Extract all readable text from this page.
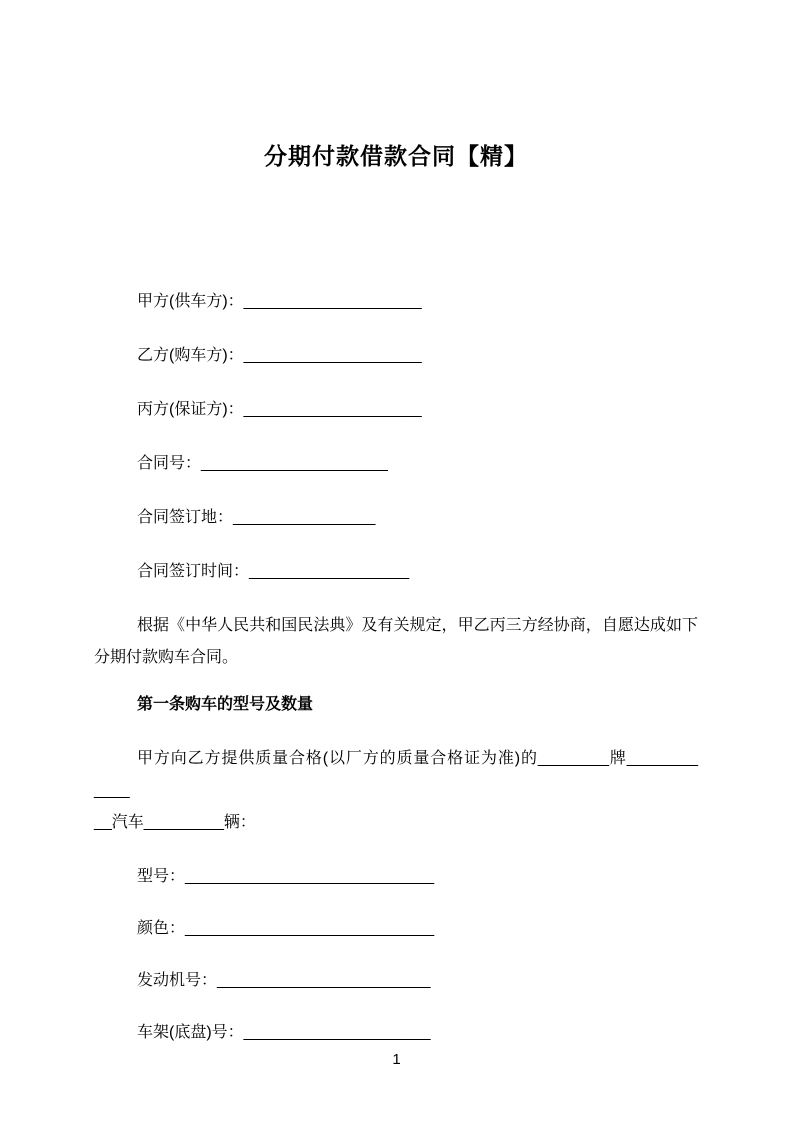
分期付款借款合同【精】

甲方(供车方)：____________________

乙方(购车方)：____________________

丙方(保证方)：____________________

合同号：_____________________

合同签订地：________________

合同签订时间：__________________

根据《中华人民共和国民法典》及有关规定，甲乙丙三方经协商，自愿达成如下分期付款购车合同。

第一条购车的型号及数量

甲方向乙方提供质量合格(以厂方的质量合格证为准)的________牌________ ____
__汽车_________辆：

型号：____________________________

颜色：____________________________

发动机号：________________________

车架(底盘)号：_____________________

1
